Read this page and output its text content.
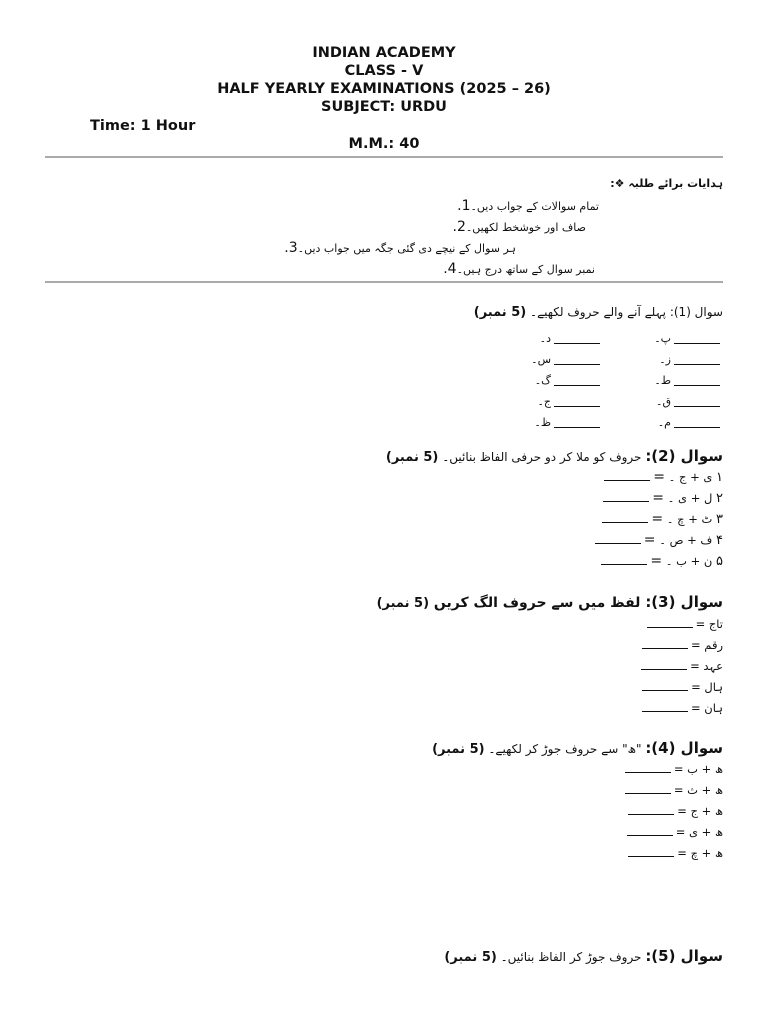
INDIAN ACADEMY
CLASS - V
HALF YEARLY EXAMINATIONS (2025 – 26)
SUBJECT: URDU
Time: 1 Hour
M.M.: 40
ہدایات برائے طلبہ ❖:
تمام سوالات کے جواب دیں۔1.
صاف اور خوشخط لکھیں۔2.
ہر سوال کے نیچے دی گئی جگہ میں جواب دیں۔3.
نمبر سوال کے ساتھ درج ہیں۔4.
سوال (1): پہلے آنے والے حروف لکھیے۔ (5 نمبر)
پ۔
د۔
ز۔
س۔
ط۔
گ۔
ق۔
ج۔
م۔
ظ۔
سوال (2): حروف کو ملا کر دو حرفی الفاظ بنائیں۔ (5 نمبر)
۱ ی + ج ۔ =
۲ ل + ی ۔ =
۳ ٹ + چ ۔ =
۴ ف + ص ۔ =
۵ ن + ب ۔ =
سوال (3): لفظ میں سے حروف الگ کریں (5 نمبر)
تاج =
رقم =
عہد =
ہال =
ہان =
سوال (4): "ھ" سے حروف جوڑ کر لکھیے۔ (5 نمبر)
ھ + ب =
ھ + ث =
ھ + ج =
ھ + ی =
ھ + چ =
سوال (5): حروف جوڑ کر الفاظ بنائیں۔ (5 نمبر)
